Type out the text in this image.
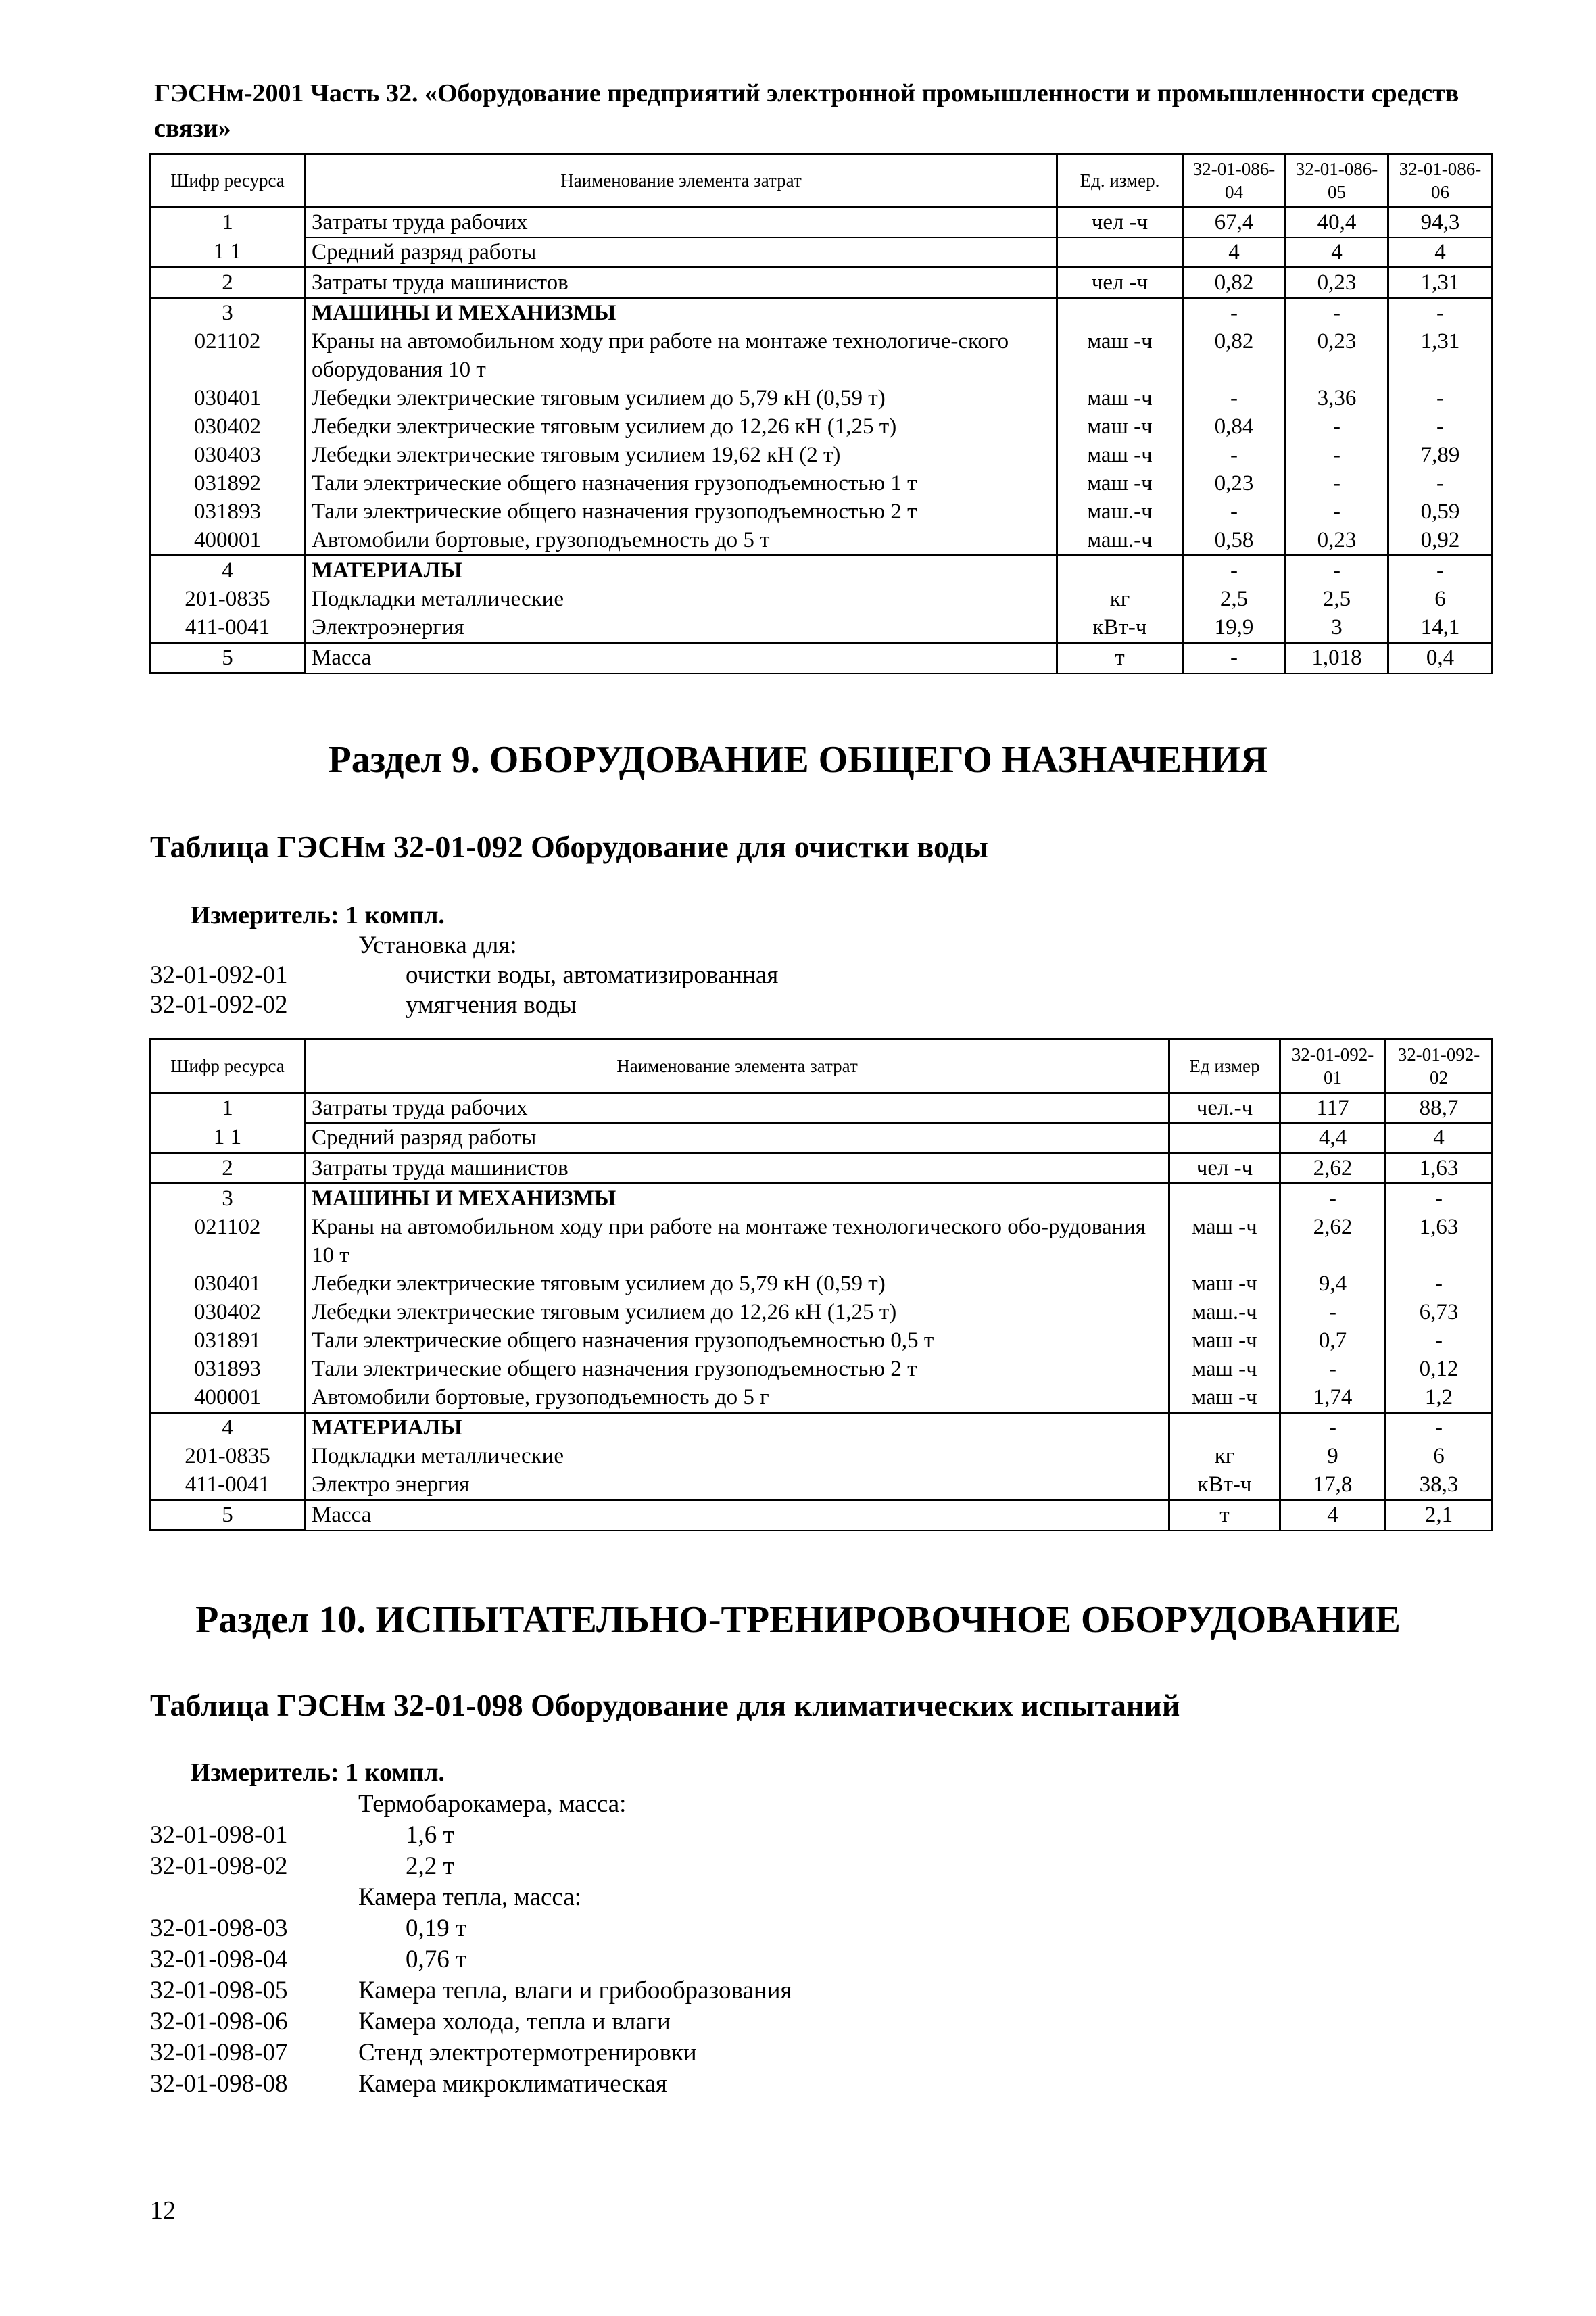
ГЭСНм-2001 Часть 32. «Оборудование предприятий электронной промышленности и промышленности средств связи»
Шифр ресурса	Наименование элемента затрат	Ед. измер.	32-01-086-04	32-01-086-05	32-01-086-06
1	Затраты труда рабочих	чел -ч	67,4	40,4	94,3
1 1	Средний разряд работы		4	4	4
2	Затраты труда машинистов	чел -ч	0,82	0,23	1,31
3	МАШИНЫ И МЕХАНИЗМЫ		-	-	-
021102	Краны на автомобильном ходу при работе на монтаже технологиче-ского оборудования 10 т	маш -ч	0,82	0,23	1,31
030401	Лебедки электрические тяговым усилием до 5,79 кН (0,59 т)	маш -ч	-	3,36	-
030402	Лебедки электрические тяговым усилием до 12,26 кН (1,25 т)	маш -ч	0,84	-	-
030403	Лебедки электрические тяговым усилием 19,62 кН (2 т)	маш -ч	-	-	7,89
031892	Тали электрические общего назначения грузоподъемностью 1 т	маш -ч	0,23	-	-
031893	Тали электрические общего назначения грузоподъемностью 2 т	маш.-ч	-	-	0,59
400001	Автомобили бортовые, грузоподъемность до 5 т	маш.-ч	0,58	0,23	0,92
4	МАТЕРИАЛЫ		-	-	-
201-0835	Подкладки металлические	кг	2,5	2,5	6
411-0041	Электроэнергия	кВт-ч	19,9	3	14,1
5	Масса	т	-	1,018	0,4
Раздел 9. ОБОРУДОВАНИЕ ОБЩЕГО НАЗНАЧЕНИЯ
Таблица ГЭСНм 32-01-092 Оборудование для очистки воды
Измеритель: 1 компл.
Установка для:
32-01-092-01	очистки воды, автоматизированная
32-01-092-02	умягчения воды
Шифр ресурса	Наименование элемента затрат	Ед измер	32-01-092-01	32-01-092-02
1	Затраты труда рабочих	чел.-ч	117	88,7
1 1	Средний разряд работы		4,4	4
2	Затраты труда машинистов	чел -ч	2,62	1,63
3	МАШИНЫ И МЕХАНИЗМЫ		-	-
021102	Краны на автомобильном ходу при работе на монтаже технологического обо-рудования 10 т	маш -ч	2,62	1,63
030401	Лебедки электрические тяговым усилием до 5,79 кН (0,59 т)	маш -ч	9,4	-
030402	Лебедки электрические тяговым усилием до 12,26 кН (1,25 т)	маш.-ч	-	6,73
031891	Тали электрические общего назначения грузоподъемностью 0,5 т	маш -ч	0,7	-
031893	Тали электрические общего назначения грузоподъемностью 2 т	маш -ч	-	0,12
400001	Автомобили бортовые, грузоподъемность до 5 г	маш -ч	1,74	1,2
4	МАТЕРИАЛЫ		-	-
201-0835	Подкладки металлические	кг	9	6
411-0041	Электро энергия	кВт-ч	17,8	38,3
5	Масса	т	4	2,1
Раздел 10. ИСПЫТАТЕЛЬНО-ТРЕНИРОВОЧНОЕ ОБОРУДОВАНИЕ
Таблица ГЭСНм 32-01-098 Оборудование для климатических испытаний
Измеритель: 1 компл.
Термобарокамера, масса:
32-01-098-01	1,6 т
32-01-098-02	2,2 т
Камера тепла, масса:
32-01-098-03	0,19 т
32-01-098-04	0,76 т
32-01-098-05	Камера тепла, влаги и грибообразования
32-01-098-06	Камера холода, тепла и влаги
32-01-098-07	Стенд электротермотренировки
32-01-098-08	Камера микроклиматическая
12
